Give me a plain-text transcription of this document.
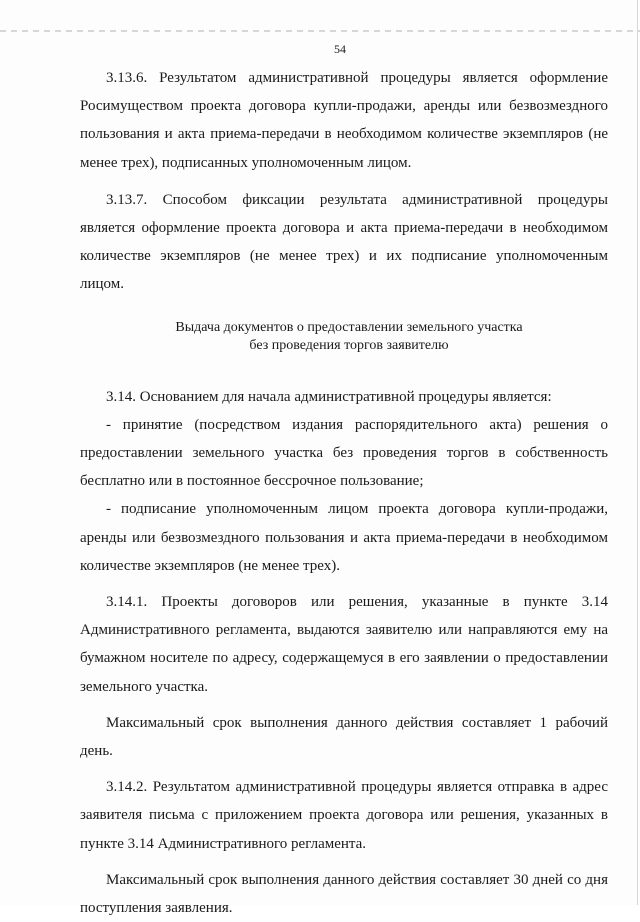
54

3.13.6. Результатом административной процедуры является оформление Росимуществом проекта договора купли-продажи, аренды или безвозмездного пользования и акта приема-передачи в необходимом количестве экземпляров (не менее трех), подписанных уполномоченным лицом.

3.13.7. Способом фиксации результата административной процедуры является оформление проекта договора и акта приема-передачи в необходимом количестве экземпляров (не менее трех) и их подписание уполномоченным лицом.

Выдача документов о предоставлении земельного участка
без проведения торгов заявителю

3.14. Основанием для начала административной процедуры является:

- принятие (посредством издания распорядительного акта) решения о предоставлении земельного участка без проведения торгов в собственность бесплатно или в постоянное бессрочное пользование;

- подписание уполномоченным лицом проекта договора купли-продажи, аренды или безвозмездного пользования и акта приема-передачи в необходимом количестве экземпляров (не менее трех).

3.14.1. Проекты договоров или решения, указанные в пункте 3.14 Административного регламента, выдаются заявителю или направляются ему на бумажном носителе по адресу, содержащемуся в его заявлении о предоставлении земельного участка.

Максимальный срок выполнения данного действия составляет 1 рабочий день.

3.14.2. Результатом административной процедуры является отправка в адрес заявителя письма с приложением проекта договора или решения, указанных в пункте 3.14 Административного регламента.

Максимальный срок выполнения данного действия составляет 30 дней со дня поступления заявления.
